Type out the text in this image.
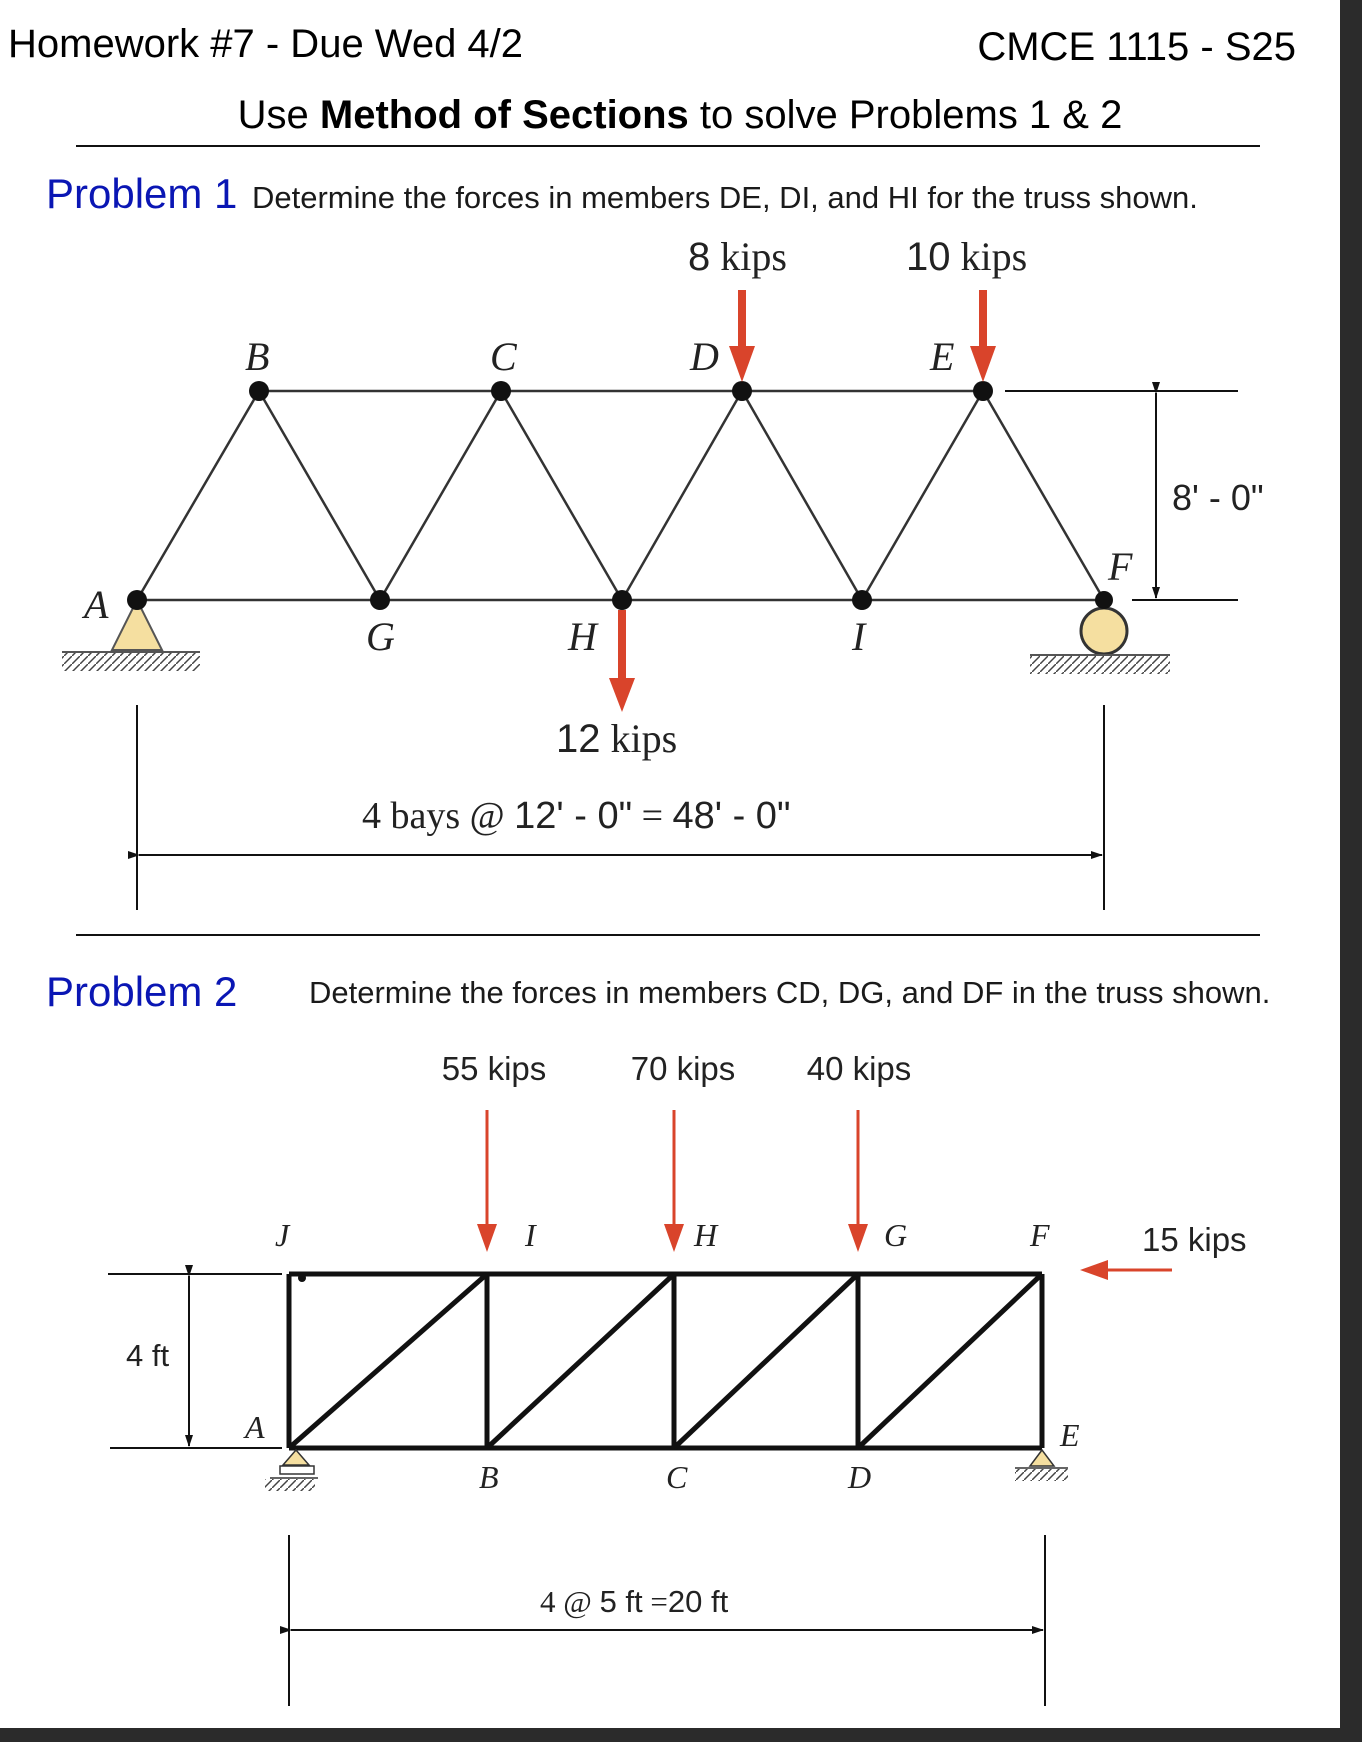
Homework #7 - Due Wed 4/2	CMCE 1115 - S25
Use Method of Sections to solve Problems 1 & 2
Problem 1 Determine the forces in members DE, DI, and HI for the truss shown.
A
B	C	D	E
F
G	H	I
8 kips	10 kips
12 kips
8' - 0"
4 bays @ 12' - 0" = 48' - 0"
Problem 2 Determine the forces in members CD, DG, and DF in the truss shown.
J	I	H	G	F
A
B	C	D
E
55 kips	70 kips 40 kips
15 kips
4 ft
4 @ 5 ft =20 ft
